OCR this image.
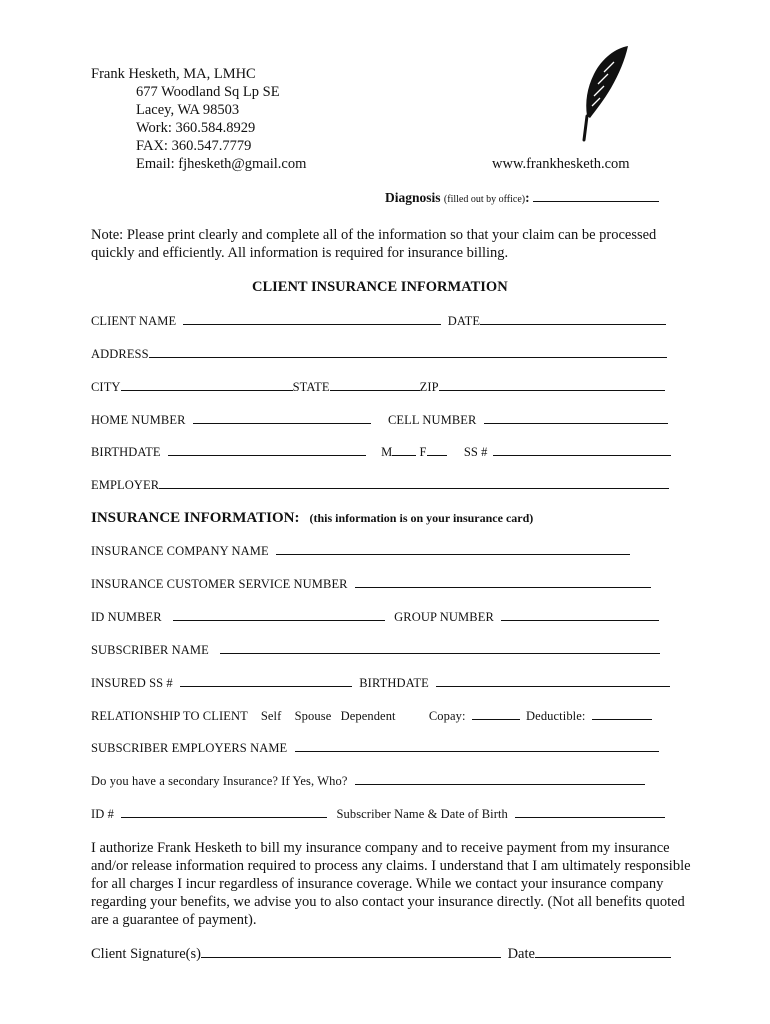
Frank Hesketh, MA, LMHC
677 Woodland Sq Lp SE
Lacey, WA 98503
Work: 360.584.8929
FAX: 360.547.7779
Email: fjhesketh@gmail.com	www.frankhesketh.com
Diagnosis (filled out by office):
Note: Please print clearly and complete all of the information so that your claim can be processed quickly and efficiently. All information is required for insurance billing.
CLIENT INSURANCE INFORMATION
CLIENT NAME	DATE
ADDRESS
CITY	STATE	ZIP
HOME NUMBER	CELL NUMBER
BIRTHDATE	M F	SS #
EMPLOYER
INSURANCE INFORMATION: (this information is on your insurance card)
INSURANCE COMPANY NAME
INSURANCE CUSTOMER SERVICE NUMBER
ID NUMBER	GROUP NUMBER
SUBSCRIBER NAME
INSURED SS #	BIRTHDATE
RELATIONSHIP TO CLIENT Self Spouse Dependent	Copay:	Deductible:
SUBSCRIBER EMPLOYERS NAME
Do you have a secondary Insurance? If Yes, Who?
ID #	Subscriber Name & Date of Birth
I authorize Frank Hesketh to bill my insurance company and to receive payment from my insurance and/or release information required to process any claims. I understand that I am ultimately responsible for all charges I incur regardless of insurance coverage. While we contact your insurance company regarding your benefits, we advise you to also contact your insurance directly. (Not all benefits quoted are a guarantee of payment).
Client Signature(s)	Date
